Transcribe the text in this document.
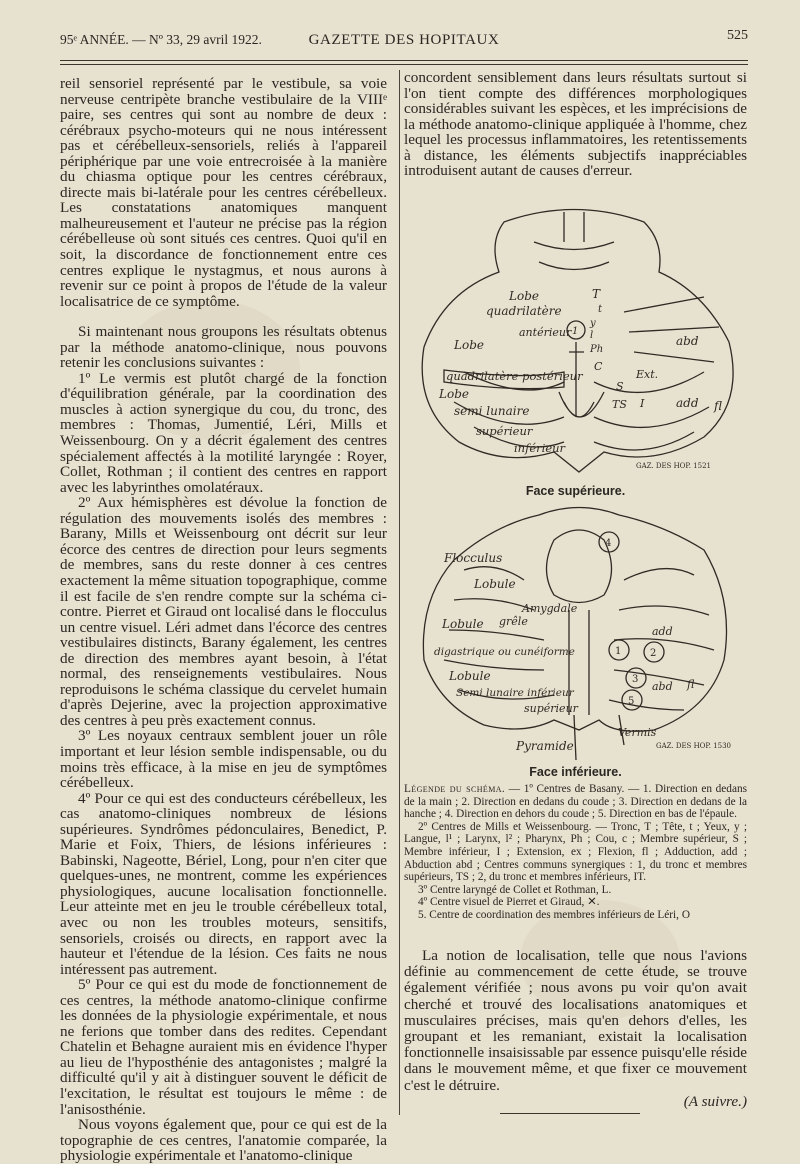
95ᵉ ANNÉE. — Nº 33, 29 avril 1922.	GAZETTE DES HOPITAUX	525

reil sensoriel représenté par le vestibule, sa voie nerveuse centripète branche vestibulaire de la VIIIᵉ paire, ses centres qui sont au nombre de deux : cérébraux psycho-moteurs qui ne nous intéressent pas et cérébelleux-sensoriels, reliés à l'appareil périphérique par une voie entrecroisée à la manière du chiasma optique pour les centres cérébraux, directe mais bi-latérale pour les centres cérébelleux. Les constatations anatomiques manquent malheureusement et l'auteur ne précise pas la région cérébelleuse où sont situés ces centres. Quoi qu'il en soit, la discordance de fonctionnement entre ces centres explique le nystagmus, et nous aurons à revenir sur ce point à propos de l'étude de la valeur localisatrice de ce symptôme.

Si maintenant nous groupons les résultats obtenus par la méthode anatomo-clinique, nous pouvons retenir les conclusions suivantes :

1º Le vermis est plutôt chargé de la fonction d'équilibration générale, par la coordination des muscles à action synergique du cou, du tronc, des membres : Thomas, Jumentié, Léri, Mills et Weissenbourg. On y a décrit également des centres spécialement affectés à la motilité laryngée : Royer, Collet, Rothman ; il contient des centres en rapport avec les labyrinthes omolatéraux.

2º Aux hémisphères est dévolue la fonction de régulation des mouvements isolés des membres : Barany, Mills et Weissenbourg ont décrit sur leur écorce des centres de direction pour leurs segments de membres, sans du reste donner à ces centres exactement la même situation topographique, comme il est facile de s'en rendre compte sur la schéma ci-contre. Pierret et Giraud ont localisé dans le flocculus un centre visuel. Léri admet dans l'écorce des centres vestibulaires distincts, Barany également, les centres de direction des membres ayant besoin, à l'état normal, des renseignements vestibulaires. Nous reproduisons le schéma classique du cervelet humain d'après Dejerine, avec la projection approximative des centres à peu près exactement connus.

3º Les noyaux centraux semblent jouer un rôle important et leur lésion semble indispensable, ou du moins très efficace, à la mise en jeu de symptômes cérébelleux.

4º Pour ce qui est des conducteurs cérébelleux, les cas anatomo-cliniques nombreux de lésions supérieures. Syndrômes pédonculaires, Benedict, P. Marie et Foix, Thiers, de lésions inférieures : Babinski, Nageotte, Bériel, Long, pour n'en citer que quelques-unes, ne montrent, comme les expériences physiologiques, aucune localisation fonctionnelle. Leur atteinte met en jeu le trouble cérébelleux total, avec ou non les troubles moteurs, sensitifs, sensoriels, croisés ou directs, en rapport avec la hauteur et l'étendue de la lésion. Ces faits ne nous intéressent pas autrement.

5º Pour ce qui est du mode de fonctionnement de ces centres, la méthode anatomo-clinique confirme les données de la physiologie expérimentale, et nous ne ferions que tomber dans des redites. Cependant Chatelin et Behagne auraient mis en évidence l'hyper au lieu de l'hyposthénie des antagonistes ; malgré la difficulté qu'il y ait à distinguer souvent le déficit de l'excitation, le résultat est toujours le même : de l'anisosthénie.

Nous voyons également que, pour ce qui est de la topographie de ces centres, l'anatomie comparée, la physiologie expérimentale et l'anatomo-clinique

concordent sensiblement dans leurs résultats surtout si l'on tient compte des différences morphologiques considérables suivant les espèces, et les imprécisions de la méthode anatomo-clinique appliquée à l'homme, chez lequel les processus inflammatoires, les retentissements à distance, les éléments subjectifs inappréciables introduisent autant de causes d'erreur.

Lobe
quadrilatère
antérieur
Lobe
quadrilatère postérieur
Lobe
semi lunaire
supérieur
inférieur
abd
Ext.
add fl
T
t
y
l
Ph
C
S
I
TS
1
GAZ. DES HOP. 1521
Face supérieure.
Flocculus
Lobule
Amygdale
Lobule grêle
digastrique ou cunéiforme
Lobule
Semi lunaire inférieur
supérieur
Pyramide
Vermis
add
abd fl
1	2
3
4
5
GAZ. DES HOP. 1530
Face inférieure.

Légende du schéma. — 1º Centres de Basany. — 1. Direction en dedans de la main ; 2. Direction en dedans du coude ; 3. Direction en dedans de la hanche ; 4. Direction en dehors du coude ; 5. Direction en bas de l'épaule.

2º Centres de Mills et Weissenbourg. — Tronc, T ; Tête, t ; Yeux, y ; Langue, l¹ ; Larynx, l² ; Pharynx, Ph ; Cou, c ; Membre supérieur, S ; Membre inférieur, I ; Extension, ex ; Flexion, fl ; Adduction, add ; Abduction abd ; Centres communs synergiques : 1, du tronc et membres supérieurs, TS ; 2, du tronc et membres inférieurs, IT.

3º Centre laryngé de Collet et Rothman, L.

4º Centre visuel de Pierret et Giraud, ✕.

5. Centre de coordination des membres inférieurs de Léri, O

La notion de localisation, telle que nous l'avions définie au commencement de cette étude, se trouve également vérifiée ; nous avons pu voir qu'on avait cherché et trouvé des localisations anatomiques et musculaires précises, mais qu'en dehors d'elles, les groupant et les remaniant, existait la localisation fonctionnelle insaisissable par essence puisqu'elle réside dans le mouvement même, et que fixer ce mouvement c'est le détruire.

(A suivre.)
